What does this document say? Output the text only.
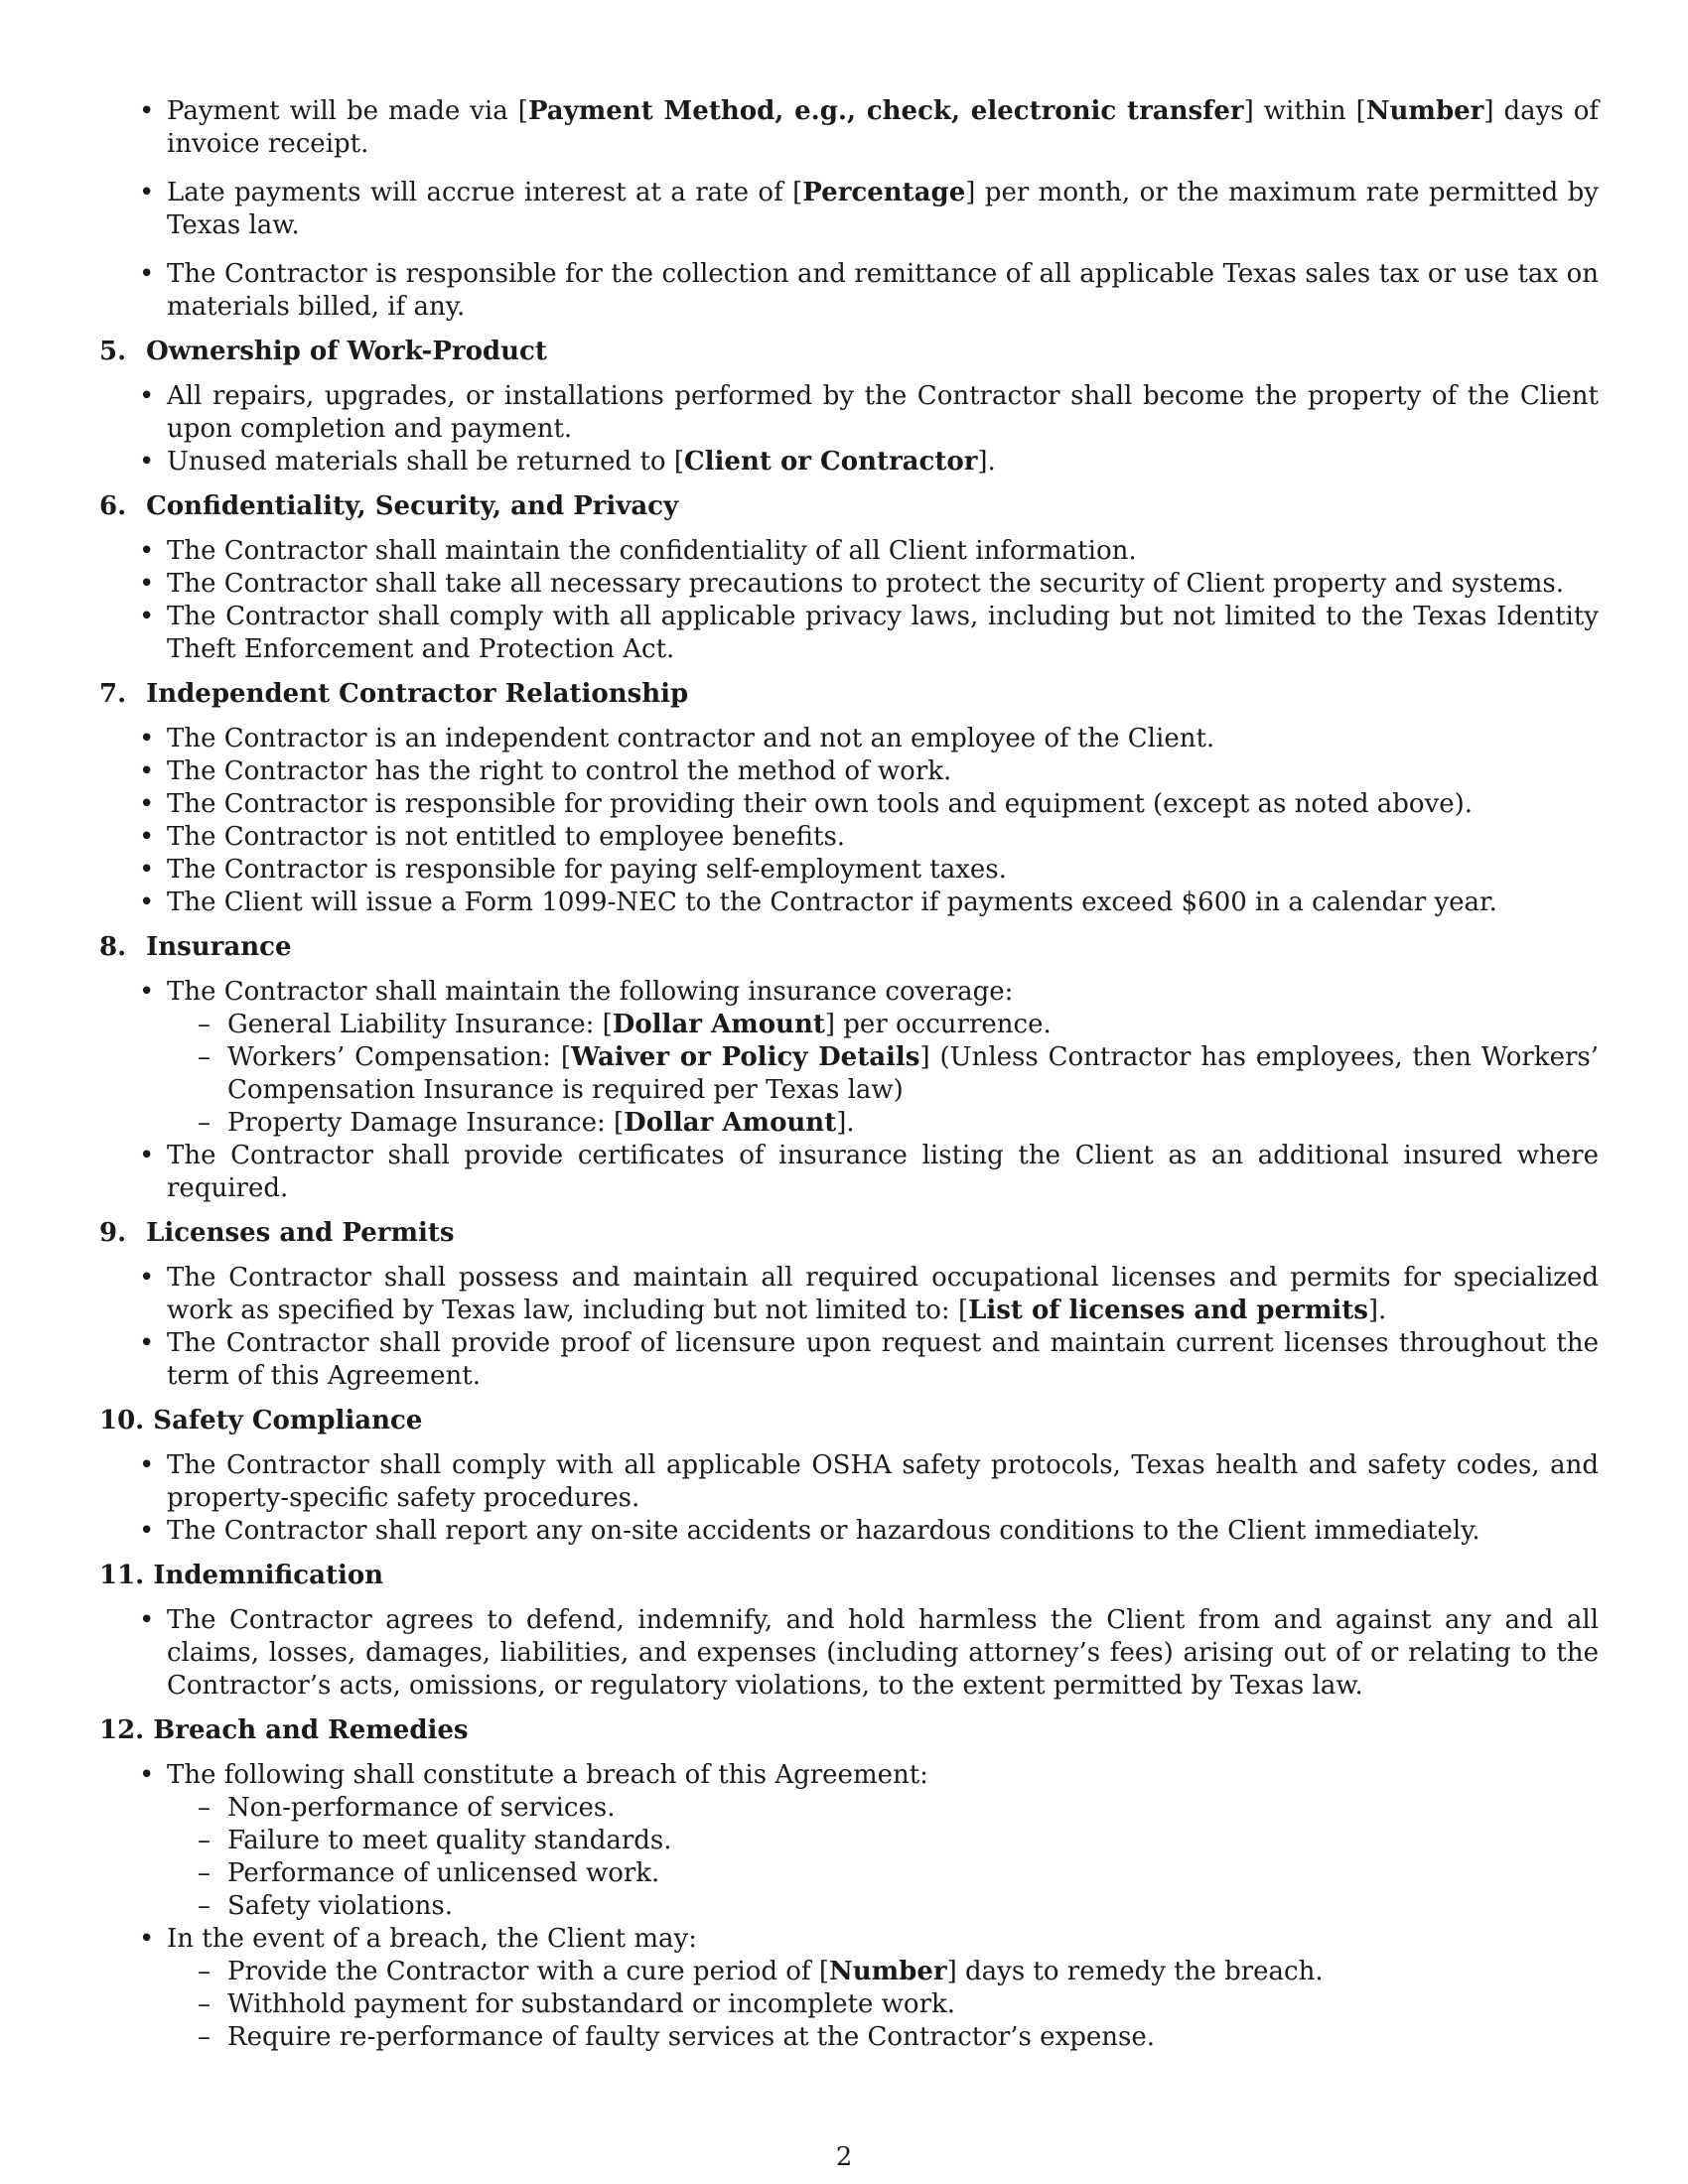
• Payment will be made via [Payment Method, e.g., check, electronic transfer] within [Number] days of invoice receipt.
• Late payments will accrue interest at a rate of [Percentage] per month, or the maximum rate permitted by Texas law.
• The Contractor is responsible for the collection and remittance of all applicable Texas sales tax or use tax on materials billed, if any.
5. Ownership of Work-Product
• All repairs, upgrades, or installations performed by the Contractor shall become the property of the Client upon completion and payment.
• Unused materials shall be returned to [Client or Contractor].
6. Confidentiality, Security, and Privacy
• The Contractor shall maintain the confidentiality of all Client information.
• The Contractor shall take all necessary precautions to protect the security of Client property and systems.
• The Contractor shall comply with all applicable privacy laws, including but not limited to the Texas Identity Theft Enforcement and Protection Act.
7. Independent Contractor Relationship
• The Contractor is an independent contractor and not an employee of the Client.
• The Contractor has the right to control the method of work.
• The Contractor is responsible for providing their own tools and equipment (except as noted above).
• The Contractor is not entitled to employee benefits.
• The Contractor is responsible for paying self-employment taxes.
• The Client will issue a Form 1099-NEC to the Contractor if payments exceed $600 in a calendar year.
8. Insurance
• The Contractor shall maintain the following insurance coverage:
– General Liability Insurance: [Dollar Amount] per occurrence.
– Workers’ Compensation: [Waiver or Policy Details] (Unless Contractor has employees, then Workers’ Compensation Insurance is required per Texas law)
– Property Damage Insurance: [Dollar Amount].
• The Contractor shall provide certificates of insurance listing the Client as an additional insured where required.
9. Licenses and Permits
• The Contractor shall possess and maintain all required occupational licenses and permits for specialized work as specified by Texas law, including but not limited to: [List of licenses and permits].
• The Contractor shall provide proof of licensure upon request and maintain current licenses throughout the term of this Agreement.
10. Safety Compliance
• The Contractor shall comply with all applicable OSHA safety protocols, Texas health and safety codes, and property-specific safety procedures.
• The Contractor shall report any on-site accidents or hazardous conditions to the Client immediately.
11. Indemnification
• The Contractor agrees to defend, indemnify, and hold harmless the Client from and against any and all claims, losses, damages, liabilities, and expenses (including attorney’s fees) arising out of or relating to the Contractor’s acts, omissions, or regulatory violations, to the extent permitted by Texas law.
12. Breach and Remedies
• The following shall constitute a breach of this Agreement:
– Non-performance of services.
– Failure to meet quality standards.
– Performance of unlicensed work.
– Safety violations.
• In the event of a breach, the Client may:
– Provide the Contractor with a cure period of [Number] days to remedy the breach.
– Withhold payment for substandard or incomplete work.
– Require re-performance of faulty services at the Contractor’s expense.
2
